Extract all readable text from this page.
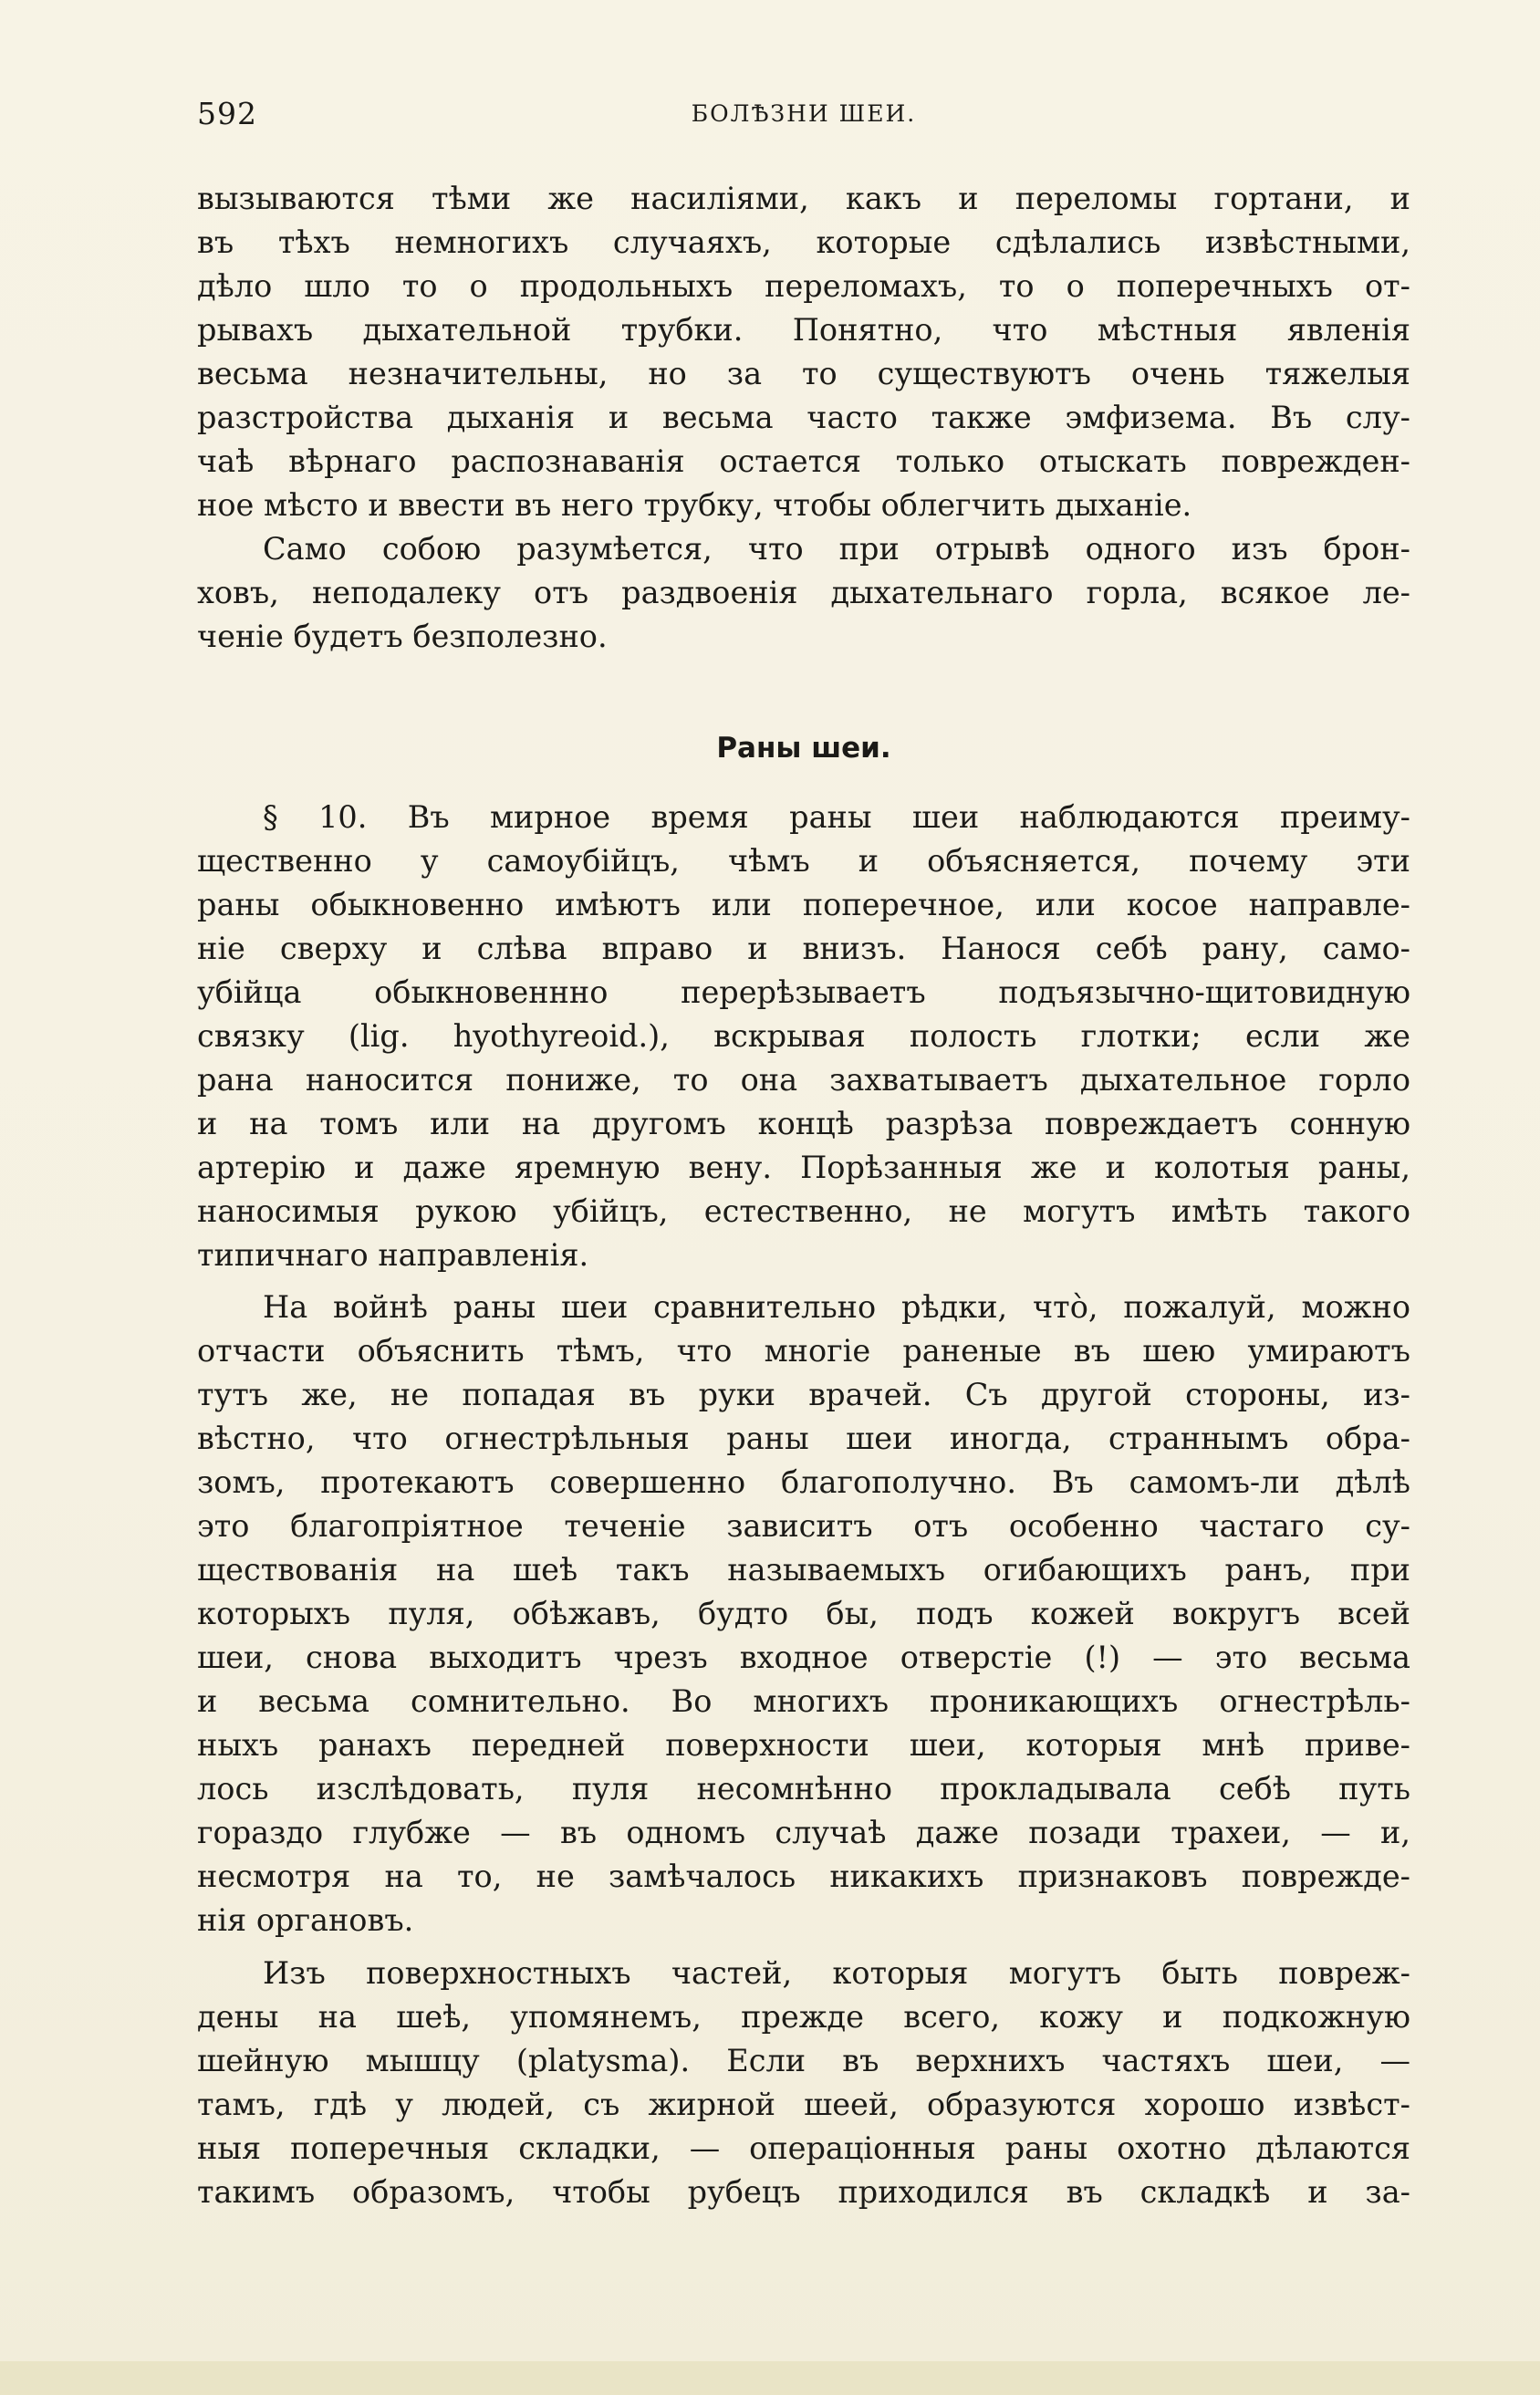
592	БОЛѢЗНИ ШЕИ.
вызываются тѣми же насиліями, какъ и переломы гортани, и
въ тѣхъ немногихъ случаяхъ, которые сдѣлались извѣстными,
дѣло шло то о продольныхъ переломахъ, то о поперечныхъ от-
рывахъ дыхательной трубки. Понятно, что мѣстныя явленія
весьма незначительны, но за то существуютъ очень тяжелыя
разстройства дыханія и весьма часто также эмфизема. Въ слу-
чаѣ вѣрнаго распознаванія остается только отыскать поврежден-
ное мѣсто и ввести въ него трубку, чтобы облегчить дыханіе.
Само собою разумѣется, что при отрывѣ одного изъ брон-
ховъ, неподалеку отъ раздвоенія дыхательнаго горла, всякое ле-
ченіе будетъ безполезно.
Раны шеи.
§ 10. Въ мирное время раны шеи наблюдаются преиму-
щественно у самоубійцъ, чѣмъ и объясняется, почему эти
раны обыкновенно имѣютъ или поперечное, или косое направле-
ніе сверху и слѣва вправо и внизъ. Нанося себѣ рану, само-
убійца обыкновеннно перерѣзываетъ подъязычно-щитовидную
связку (lig. hyothyreoid.), вскрывая полость глотки; если же
рана наносится пониже, то она захватываетъ дыхательное горло
и на томъ или на другомъ концѣ разрѣза повреждаетъ сонную
артерію и даже яремную вену. Порѣзанныя же и колотыя раны,
наносимыя рукою убійцъ, естественно, не могутъ имѣть такого
типичнаго направленія.
На войнѣ раны шеи сравнительно рѣдки, что̀, пожалуй, можно
отчасти объяснить тѣмъ, что многіе раненые въ шею умираютъ
тутъ же, не попадая въ руки врачей. Съ другой стороны, из-
вѣстно, что огнестрѣльныя раны шеи иногда, страннымъ обра-
зомъ, протекаютъ совершенно благополучно. Въ самомъ-ли дѣлѣ
это благопріятное теченіе зависитъ отъ особенно частаго су-
ществованія на шеѣ такъ называемыхъ огибающихъ ранъ, при
которыхъ пуля, обѣжавъ, будто бы, подъ кожей вокругъ всей
шеи, снова выходитъ чрезъ входное отверстіе (!) — это весьма
и весьма сомнительно. Во многихъ проникающихъ огнестрѣль-
ныхъ ранахъ передней поверхности шеи, которыя мнѣ приве-
лось изслѣдовать, пуля несомнѣнно прокладывала себѣ путь
гораздо глубже — въ одномъ случаѣ даже позади трахеи, — и,
несмотря на то, не замѣчалось никакихъ признаковъ поврежде-
нія органовъ.
Изъ поверхностныхъ частей, которыя могутъ быть повреж-
дены на шеѣ, упомянемъ, прежде всего, кожу и подкожную
шейную мышцу (platysma). Если въ верхнихъ частяхъ шеи, —
тамъ, гдѣ у людей, съ жирной шеей, образуются хорошо извѣст-
ныя поперечныя складки, — операціонныя раны охотно дѣлаются
такимъ образомъ, чтобы рубецъ приходился въ складкѣ и за-
